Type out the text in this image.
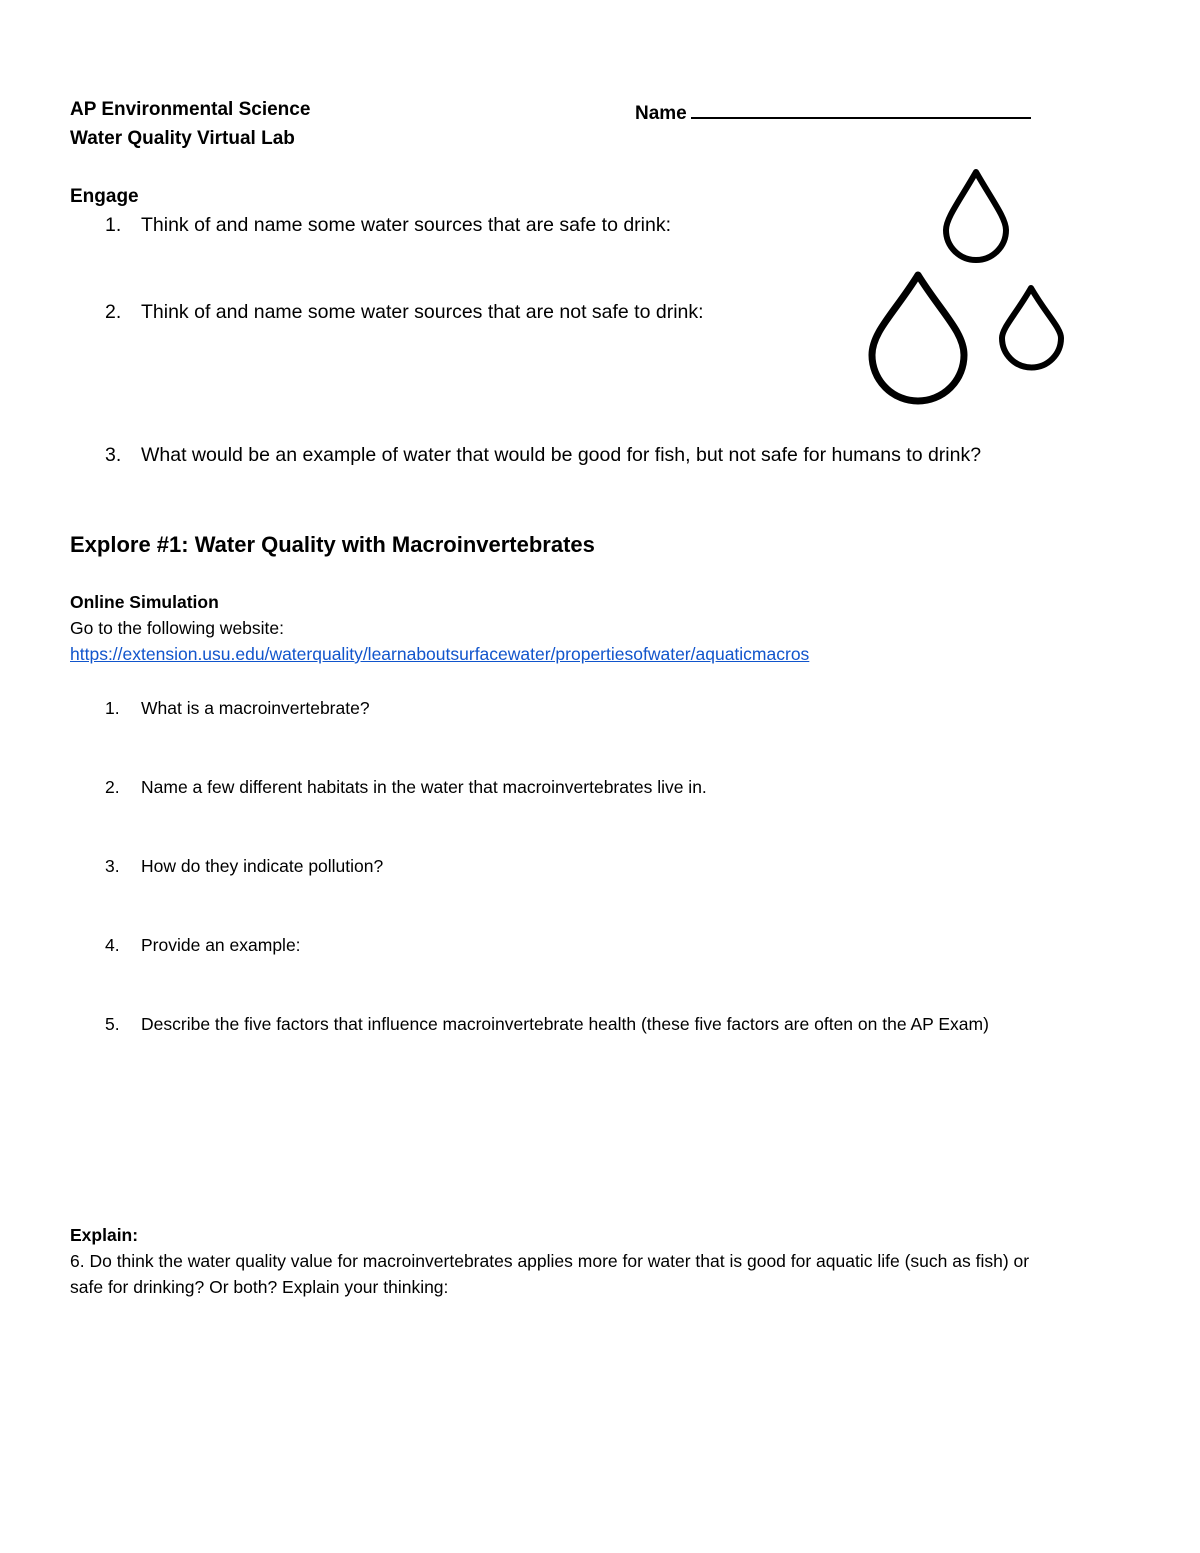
AP Environmental Science
Water Quality Virtual Lab
Name
Engage
1. Think of and name some water sources that are safe to drink:
2. Think of and name some water sources that are not safe to drink:
3. What would be an example of water that would be good for fish, but not safe for humans to drink?
Explore #1: Water Quality with Macroinvertebrates
Online Simulation
Go to the following website:
https://extension.usu.edu/waterquality/learnaboutsurfacewater/propertiesofwater/aquaticmacros
1. What is a macroinvertebrate?
2. Name a few different habitats in the water that macroinvertebrates live in.
3. How do they indicate pollution?
4. Provide an example:
5. Describe the five factors that influence macroinvertebrate health (these five factors are often on the AP Exam)
Explain:
6. Do think the water quality value for macroinvertebrates applies more for water that is good for aquatic life (such as fish) or
safe for drinking? Or both? Explain your thinking:
